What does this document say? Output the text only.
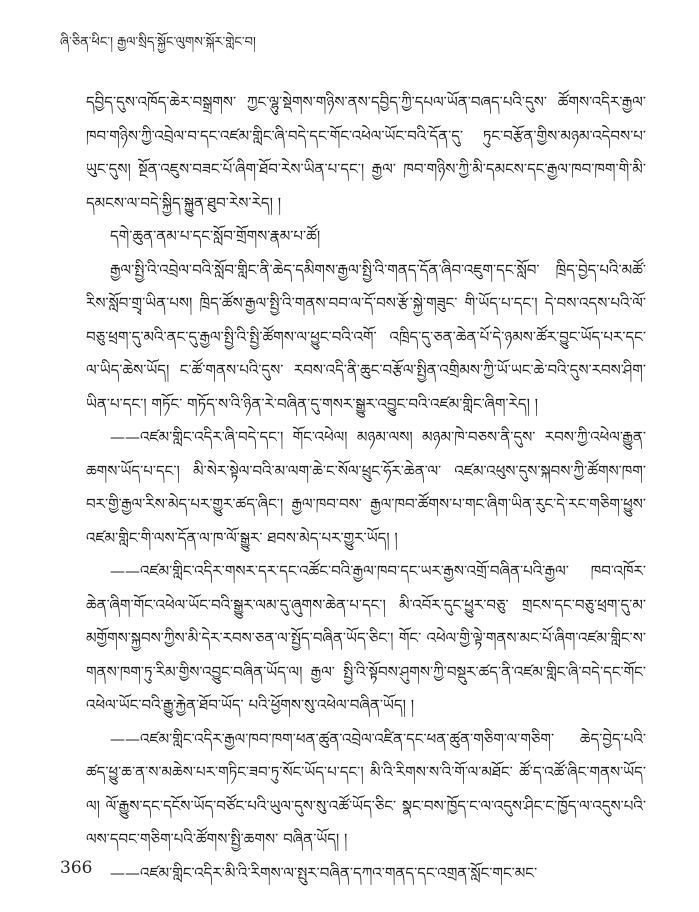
ཞི་ཅིན་ཕིང་། རྒྱལ་སྲིད་སྐྱོང་ལུགས་སྐོར་གླེང་བ།

དབྱིད་དུས་འཁོད་ཆེར་བསྒྲགས་ ཀྱང་ལྷུ་སྡེགས་གཉིས་ནས་དབྱིད་ཀྱི་དཔལ་ཡོན་བཞད་པའི་དུས་ ཚོགས་འདིར་རྒྱལ་ཁབ་གཉིས་ཀྱི་འབྲེལ་བ་དང་འཛམ་གླིང་ཞི་བདེ་དང་གོང་འཕེལ་ཡོང་བའི་དོན་དུ་ ཏུང་བརྩོན་གྱིས་མཉམ་འདེབས་པ་ཡུང་དུས། སྔོན་འཇུས་བཟང་པོ་ཞིག་ཐོབ་རེས་ཡིན་པ་དང་། རྒྱལ་ ཁབ་གཉིས་ཀྱི་མི་དམངས་དང་རྒྱལ་ཁབ་ཁག་གི་མི་དམངས་ལ་བདེ་སྐྱིད་སྐྱུན་ཐུབ་རེས་རེད། །

དགེ་ཆུན་ནམ་པ་དང་སློབ་གྲོགས་རྣམ་པ་ཚོ།

རྒྱལ་སྤྱི་འི་འབྲེལ་བའི་སློབ་གླིང་ནི་ཆེད་དམིགས་རྒྱལ་སྤྱི་འི་གནད་དོན་ཞིབ་འཇུག་དང་སློབ་ ཁྲིད་བྱེད་པའི་མཚོ་རིས་སློབ་གྲྭ་ཡིན་པས། ཁྲིད་ཚོས་རྒྱལ་སྤྱི་འི་གནས་བབ་ལ་དོ་བས་རྩོ་སྐྱེ་གཟུང་ གི་ཡོད་པ་དང་། དེ་བས་འདས་པའི་ལོ་བཅུ་ཕྲག་དུ་མའི་ནང་དུ་རྒྱལ་སྤྱི་འི་སྤྱི་ཚོགས་ལ་ཕྱུང་བའི་འགོ་ འཁྲིད་དུ་ཅན་ཆེན་པོ་དེ་ཉམས་ཚོར་བྱུང་ཡོད་པར་དང་ལ་ཡིད་ཆེས་ཡོད། ང་ཚོ་གནས་པའི་དུས་ རབས་འདི་ནི་ཆུང་བརྩོལ་སྤྱིན་འགྲིམས་ཀྱི་ཡོ་ཡང་ཆེ་བའི་དུས་རབས་ཤིག་ཡིན་པ་དང་། གཏོང་ གཏོད་ས་འི་ཉིན་རེ་བཞིན་དུ་གསར་སྒྱུར་འབྱུང་བའི་འཛམ་གླིང་ཞིག་རེད། །

——འཛམ་གླིང་འདིར་ཞི་བདེ་དང་། གོང་འཕེལ། མཉམ་ལས། མཉམ་ཁེ་བཅས་ནི་དུས་ རབས་ཀྱི་འཕེལ་རྒྱུན་ཆགས་ཡོད་པ་དང་། མི་སེར་སྟེལ་བའི་མ་ལག་ཆེ་ང་སོལ་ཕྲུང་ཧོར་ཆེན་ལ་ འཛམ་འཕུས་དུས་སྐབས་ཀྱི་ཚོགས་ཁག་བར་གྱི་རྒྱལ་རིས་མེད་པར་གྱུར་ཚད་ཞིང་། རྒྱལ་ཁབ་བས་ རྒྱལ་ཁབ་ཚོགས་པ་གང་ཞིག་ཡིན་རུང་དེ་རང་གཅིག་ཕྱུས་འཛམ་གླིང་གི་ལས་དོན་ལ་ཁ་ལོ་སྒྱུར་ ཐབས་མེད་པར་གྱུར་ཡོད། །

——འཛམ་གླིང་འདིར་གསར་དར་དང་འཚོང་བའི་རྒྱལ་ཁབ་དང་ཡར་རྒྱས་འགྲོ་བཞིན་པའི་རྒྱལ་ ཁབ་འཁོར་ཆེན་ཞིག་གོང་འཕེལ་ཡོང་བའི་སྒྱུར་ལམ་དུ་ཞུགས་ཆེན་པ་དང་། མི་འབོར་དུང་ཕྱུར་བཅུ་ གྲངས་དང་བཅུ་ཕྲག་དུ་མ་མགྱོགས་སྐྱབས་ཀྱིས་མི་དེར་རབས་ཅན་ལ་སྤྱོད་བཞིན་ཡོད་ཅིང་། གོང་ འཕེལ་གྱི་ལྟེ་གནས་མང་པོ་ཞིག་འཛམ་གླིང་ས་གནས་ཁག་ཏུ་རིམ་གྱིས་འབྱུང་བཞིན་ཡོད་ལ། རྒྱལ་ སྤྱི་འི་སྟོབས་ཤུགས་ཀྱི་བསྡུར་ཚད་ནི་འཛམ་གླིང་ཞི་བདེ་དང་གོང་འཕེལ་ཡོང་བའི་རྒྱུ་རྐྱེན་ཐོབ་ཡོད་ པའི་ཕྱོགས་སུ་འཕེལ་བཞིན་ཡོད། །

——འཛམ་གླིང་འདིར་རྒྱལ་ཁབ་ཁག་ཕན་ཚུན་འབྲེལ་འཛིན་དང་ཕན་ཚུན་གཅིག་ལ་གཅིག་ ཆེད་བྱེད་པའི་ཚད་ཕྱུ་ཆ་ན་ས་མཆེས་པར་གཏིང་ཟབ་ཏུ་སོང་ཡོད་པ་དང་། མི་འི་རིགས་ས་འི་གོ་ལ་མཐོང་ ཚོ་ད་འཚོ་ཞིང་གནས་ཡོད་ལ། ལོ་རྒྱུས་དང་དངོས་ཡོད་བཙོང་པའི་ཡུལ་དུས་སུ་འཚོ་ཡོད་ཅིང་ སྣང་བས་ཁྱོད་ང་ལ་འདུས་ཤིང་ང་ཁྱོད་ལ་འདུས་པའི་ལས་དབང་གཅིག་པའི་ཚོགས་སྤྱི་ཆགས་ བཞིན་ཡོད། །

——འཛམ་གླིང་འདིར་མི་འི་རིགས་ལ་སྤུར་བཞིན་དཀའ་གནད་དང་འགྲན་སློང་གང་མང་

366
